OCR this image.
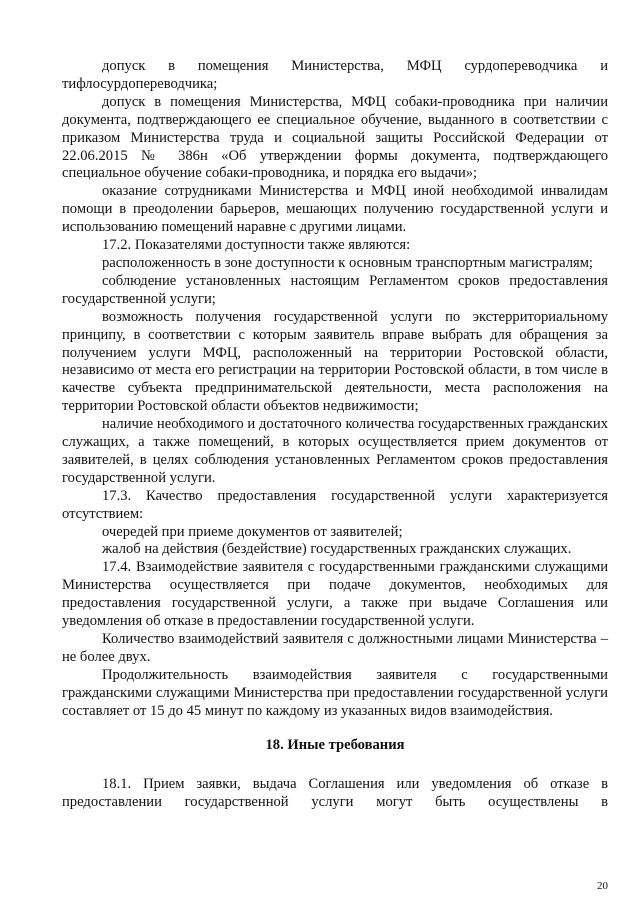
допуск в помещения Министерства, МФЦ сурдопереводчика и тифлосурдопереводчика;

допуск в помещения Министерства, МФЦ собаки-проводника при наличии документа, подтверждающего ее специальное обучение, выданного в соответствии с приказом Министерства труда и социальной защиты Российской Федерации от 22.06.2015 № 386н «Об утверждении формы документа, подтверждающего специальное обучение собаки-проводника, и порядка его выдачи»;

оказание сотрудниками Министерства и МФЦ иной необходимой инвалидам помощи в преодолении барьеров, мешающих получению государственной услуги и использованию помещений наравне с другими лицами.

17.2. Показателями доступности также являются:

расположенность в зоне доступности к основным транспортным магистралям;

соблюдение установленных настоящим Регламентом сроков предоставления государственной услуги;

возможность получения государственной услуги по экстерриториальному принципу, в соответствии с которым заявитель вправе выбрать для обращения за получением услуги МФЦ, расположенный на территории Ростовской области, независимо от места его регистрации на территории Ростовской области, в том числе в качестве субъекта предпринимательской деятельности, места расположения на территории Ростовской области объектов недвижимости;

наличие необходимого и достаточного количества государственных гражданских служащих, а также помещений, в которых осуществляется прием документов от заявителей, в целях соблюдения установленных Регламентом сроков предоставления государственной услуги.

17.3. Качество предоставления государственной услуги характеризуется отсутствием:

очередей при приеме документов от заявителей;

жалоб на действия (бездействие) государственных гражданских служащих.

17.4. Взаимодействие заявителя с государственными гражданскими служащими Министерства осуществляется при подаче документов, необходимых для предоставления государственной услуги, а также при выдаче Соглашения или уведомления об отказе в предоставлении государственной услуги.

Количество взаимодействий заявителя с должностными лицами Министерства – не более двух.

Продолжительность взаимодействия заявителя с государственными гражданскими служащими Министерства при предоставлении государственной услуги составляет от 15 до 45 минут по каждому из указанных видов взаимодействия.

18. Иные требования

18.1. Прием заявки, выдача Соглашения или уведомления об отказе в предоставлении государственной услуги могут быть осуществлены в

20
